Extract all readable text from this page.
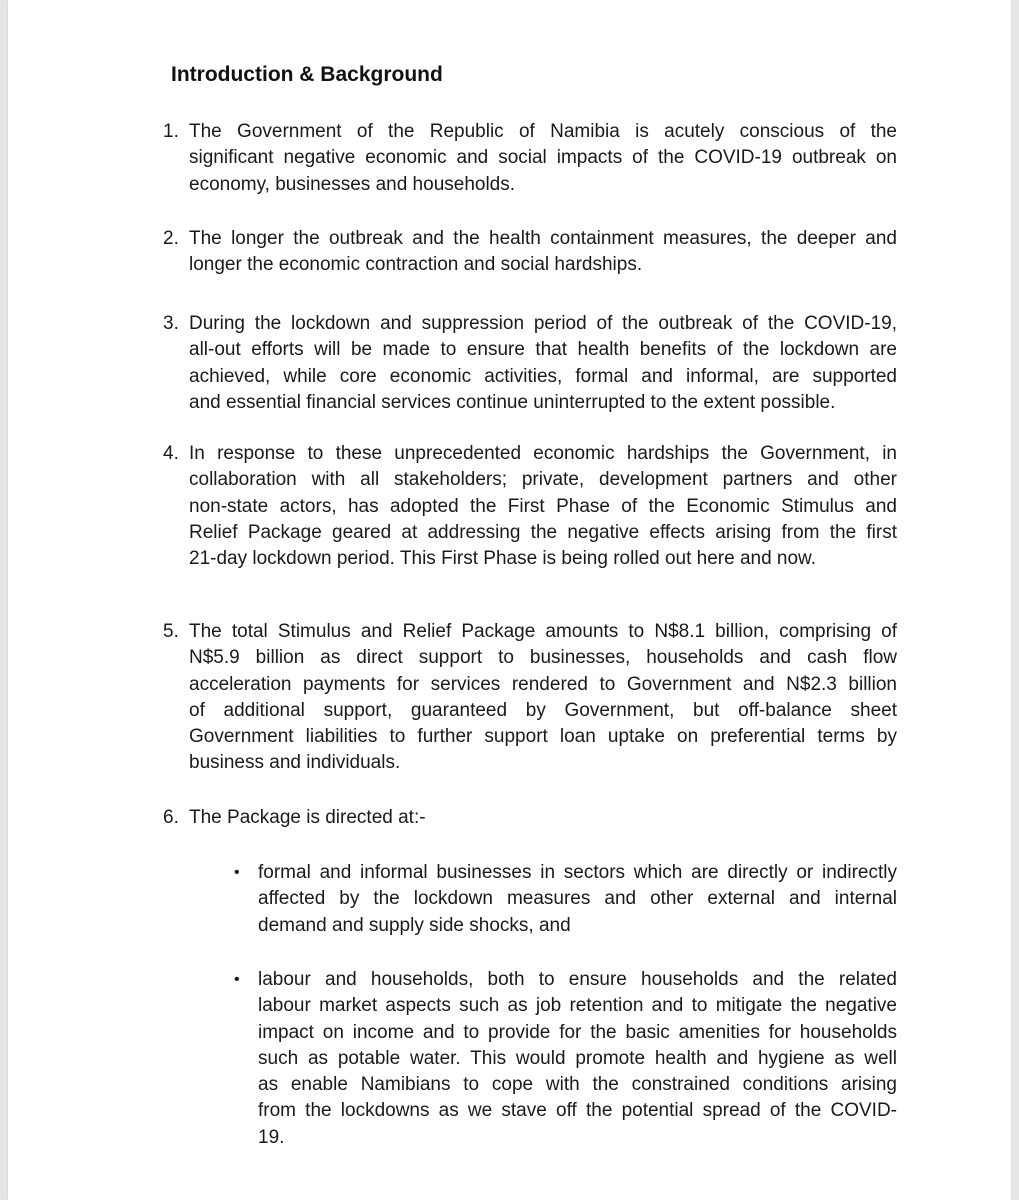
Introduction & Background
1. The Government of the Republic of Namibia is acutely conscious of the
significant negative economic and social impacts of the COVID-19 outbreak on
economy, businesses and households.
2. The longer the outbreak and the health containment measures, the deeper and
longer the economic contraction and social hardships.
3. During the lockdown and suppression period of the outbreak of the COVID-19,
all-out efforts will be made to ensure that health benefits of the lockdown are
achieved, while core economic activities, formal and informal, are supported
and essential financial services continue uninterrupted to the extent possible.
4. In response to these unprecedented economic hardships the Government, in
collaboration with all stakeholders; private, development partners and other
non-state actors, has adopted the First Phase of the Economic Stimulus and
Relief Package geared at addressing the negative effects arising from the first
21-day lockdown period. This First Phase is being rolled out here and now.
5. The total Stimulus and Relief Package amounts to N$8.1 billion, comprising of
N$5.9 billion as direct support to businesses, households and cash flow
acceleration payments for services rendered to Government and N$2.3 billion
of additional support, guaranteed by Government, but off-balance sheet
Government liabilities to further support loan uptake on preferential terms by
business and individuals.
6. The Package is directed at:-
• formal and informal businesses in sectors which are directly or indirectly
affected by the lockdown measures and other external and internal
demand and supply side shocks, and
• labour and households, both to ensure households and the related
labour market aspects such as job retention and to mitigate the negative
impact on income and to provide for the basic amenities for households
such as potable water. This would promote health and hygiene as well
as enable Namibians to cope with the constrained conditions arising
from the lockdowns as we stave off the potential spread of the COVID-
19.
